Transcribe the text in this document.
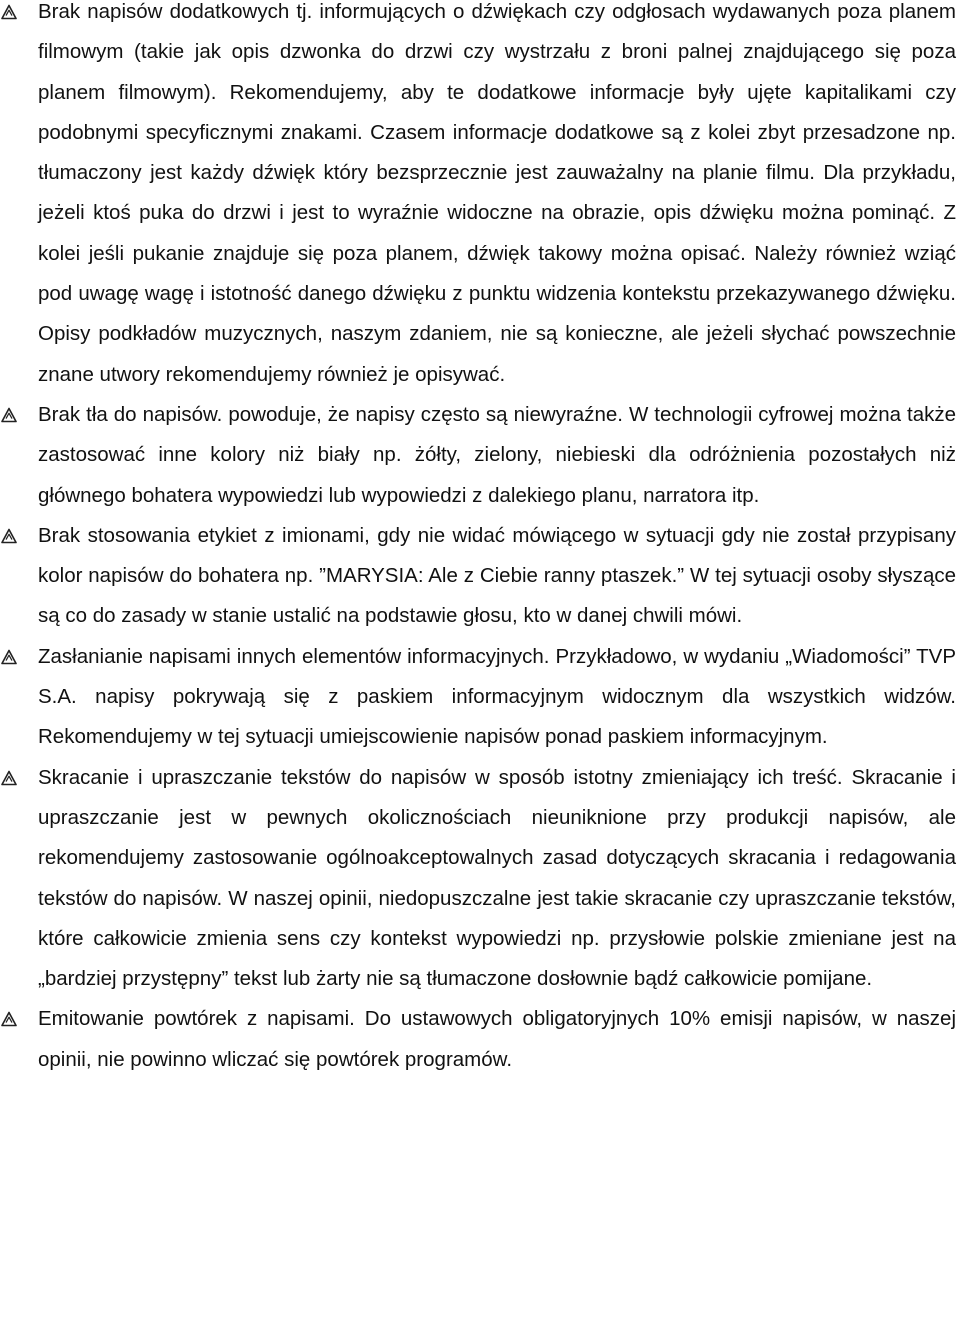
Brak napisów dodatkowych tj. informujących o dźwiękach czy odgłosach wydawanych poza planem filmowym (takie jak opis dzwonka do drzwi czy wystrzału z broni palnej znajdującego się poza planem filmowym). Rekomendujemy, aby te dodatkowe informacje były ujęte kapitalikami czy podobnymi specyficznymi znakami. Czasem informacje dodatkowe są z kolei zbyt przesadzone np. tłumaczony jest każdy dźwięk który bezsprzecznie jest zauważalny na planie filmu. Dla przykładu, jeżeli ktoś puka do drzwi i jest to wyraźnie widoczne na obrazie, opis dźwięku można pominąć. Z kolei jeśli pukanie znajduje się poza planem, dźwięk takowy można opisać. Należy również wziąć pod uwagę wagę i istotność danego dźwięku z punktu widzenia kontekstu przekazywanego dźwięku. Opisy podkładów muzycznych, naszym zdaniem, nie są konieczne, ale jeżeli słychać powszechnie znane utwory rekomendujemy również je opisywać.
Brak tła do napisów. powoduje, że napisy często są niewyraźne. W technologii cyfrowej można także zastosować inne kolory niż biały np. żółty, zielony, niebieski dla odróżnienia pozostałych niż głównego bohatera wypowiedzi lub wypowiedzi z dalekiego planu, narratora itp.
Brak stosowania etykiet z imionami, gdy nie widać mówiącego w sytuacji gdy nie został przypisany kolor napisów do bohatera np. ”MARYSIA: Ale z Ciebie ranny ptaszek.” W tej sytuacji osoby słyszące są co do zasady w stanie ustalić na podstawie głosu, kto w danej chwili mówi.
Zasłanianie napisami innych elementów informacyjnych. Przykładowo, w wydaniu „Wiadomości” TVP S.A. napisy pokrywają się z paskiem informacyjnym widocznym dla wszystkich widzów. Rekomendujemy w tej sytuacji umiejscowienie napisów ponad paskiem informacyjnym.
Skracanie i upraszczanie tekstów do napisów w sposób istotny zmieniający ich treść. Skracanie i upraszczanie jest w pewnych okolicznościach nieuniknione przy produkcji napisów, ale rekomendujemy zastosowanie ogólnoakceptowalnych zasad dotyczących skracania i redagowania tekstów do napisów. W naszej opinii, niedopuszczalne jest takie skracanie czy upraszczanie tekstów, które całkowicie zmienia sens czy kontekst wypowiedzi np. przysłowie polskie zmieniane jest na „bardziej przystępny” tekst lub żarty nie są tłumaczone dosłownie bądź całkowicie pomijane.
Emitowanie powtórek z napisami. Do ustawowych obligatoryjnych 10% emisji napisów, w naszej opinii, nie powinno wliczać się powtórek programów.
